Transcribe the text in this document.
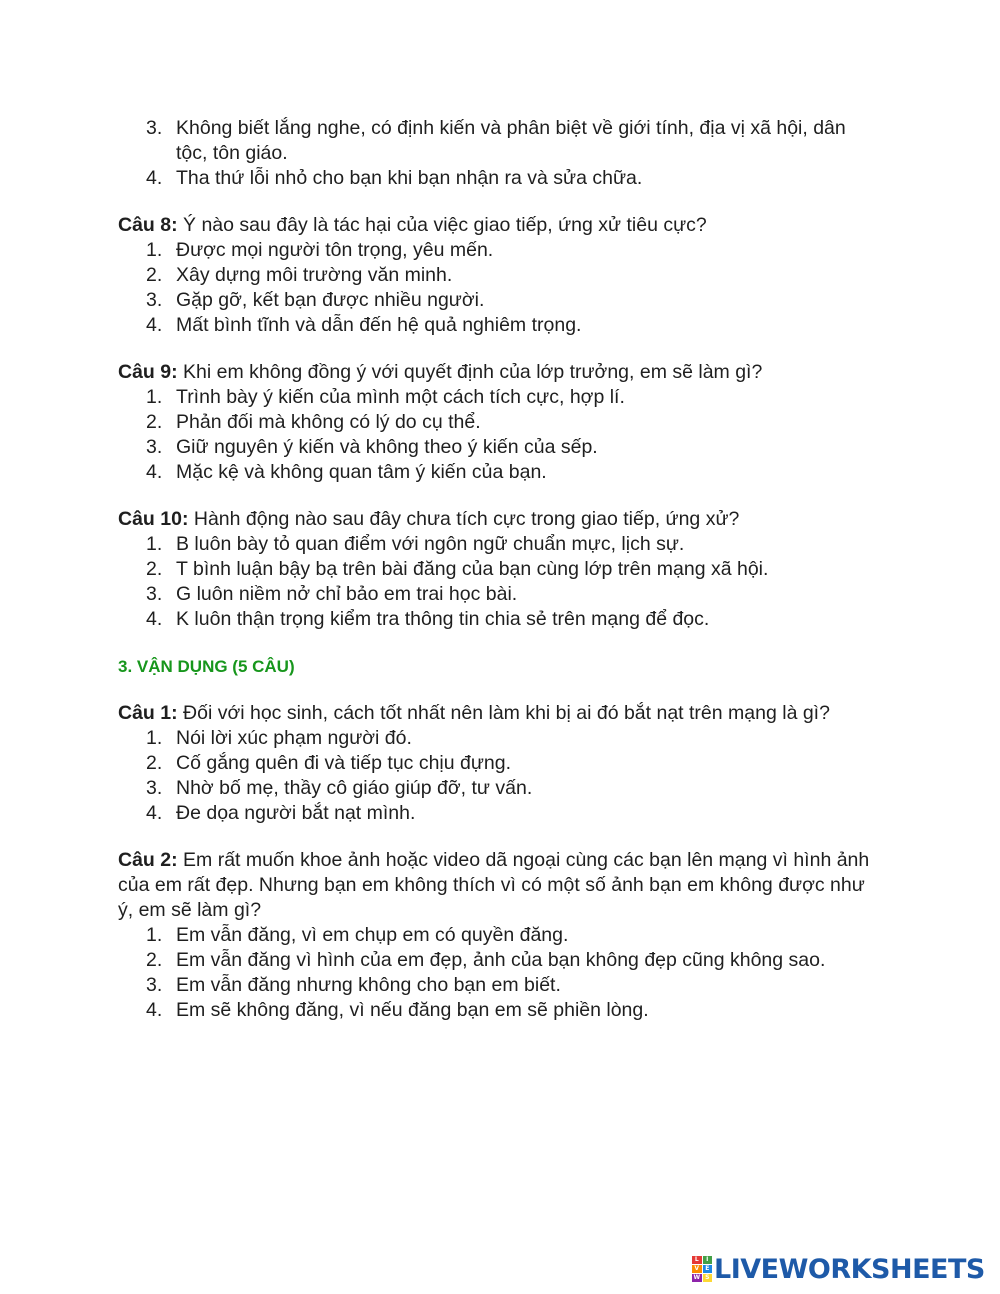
3. Không biết lắng nghe, có định kiến và phân biệt về giới tính, địa vị xã hội, dân tộc, tôn giáo.
4. Tha thứ lỗi nhỏ cho bạn khi bạn nhận ra và sửa chữa.

Câu 8: Ý nào sau đây là tác hại của việc giao tiếp, ứng xử tiêu cực?

1. Được mọi người tôn trọng, yêu mến.
2. Xây dựng môi trường văn minh.
3. Gặp gỡ, kết bạn được nhiều người.
4. Mất bình tĩnh và dẫn đến hệ quả nghiêm trọng.

Câu 9: Khi em không đồng ý với quyết định của lớp trưởng, em sẽ làm gì?

1. Trình bày ý kiến của mình một cách tích cực, hợp lí.
2. Phản đối mà không có lý do cụ thể.
3. Giữ nguyên ý kiến và không theo ý kiến của sếp.
4. Mặc kệ và không quan tâm ý kiến của bạn.

Câu 10: Hành động nào sau đây chưa tích cực trong giao tiếp, ứng xử?

1. B luôn bày tỏ quan điểm với ngôn ngữ chuẩn mực, lịch sự.
2. T bình luận bậy bạ trên bài đăng của bạn cùng lớp trên mạng xã hội.
3. G luôn niềm nở chỉ bảo em trai học bài.
4. K luôn thận trọng kiểm tra thông tin chia sẻ trên mạng để đọc.

3. VẬN DỤNG (5 CÂU)

Câu 1: Đối với học sinh, cách tốt nhất nên làm khi bị ai đó bắt nạt trên mạng là gì?

1. Nói lời xúc phạm người đó.
2. Cố gắng quên đi và tiếp tục chịu đựng.
3. Nhờ bố mẹ, thầy cô giáo giúp đỡ, tư vấn.
4. Đe dọa người bắt nạt mình.

Câu 2: Em rất muốn khoe ảnh hoặc video dã ngoại cùng các bạn lên mạng vì hình ảnh của em rất đẹp. Nhưng bạn em không thích vì có một số ảnh bạn em không được như ý, em sẽ làm gì?

1. Em vẫn đăng, vì em chụp em có quyền đăng.
2. Em vẫn đăng vì hình của em đẹp, ảnh của bạn không đẹp cũng không sao.
3. Em vẫn đăng nhưng không cho bạn em biết.
4. Em sẽ không đăng, vì nếu đăng bạn em sẽ phiền lòng.
L	I
V	E
W S LIVEWORKSHEETS
